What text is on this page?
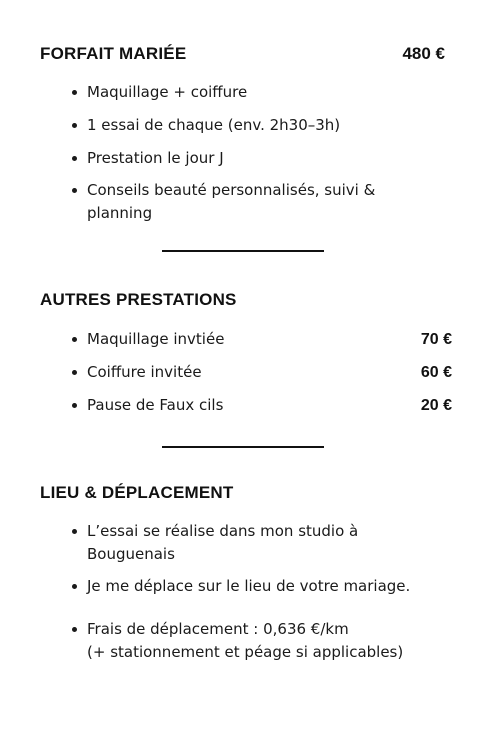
FORFAIT MARIÉE	480 €
Maquillage + coiffure
1 essai de chaque (env. 2h30–3h)
Prestation le jour J
Conseils beauté personnalisés, suivi & planning
AUTRES PRESTATIONS
Maquillage invtiée	70 €
Coiffure invitée	60 €
Pause de Faux cils	20 €
LIEU & DÉPLACEMENT
L’essai se réalise dans mon studio à Bouguenais
Je me déplace sur le lieu de votre mariage.
Frais de déplacement : 0,636 €/km
(+ stationnement et péage si applicables)
